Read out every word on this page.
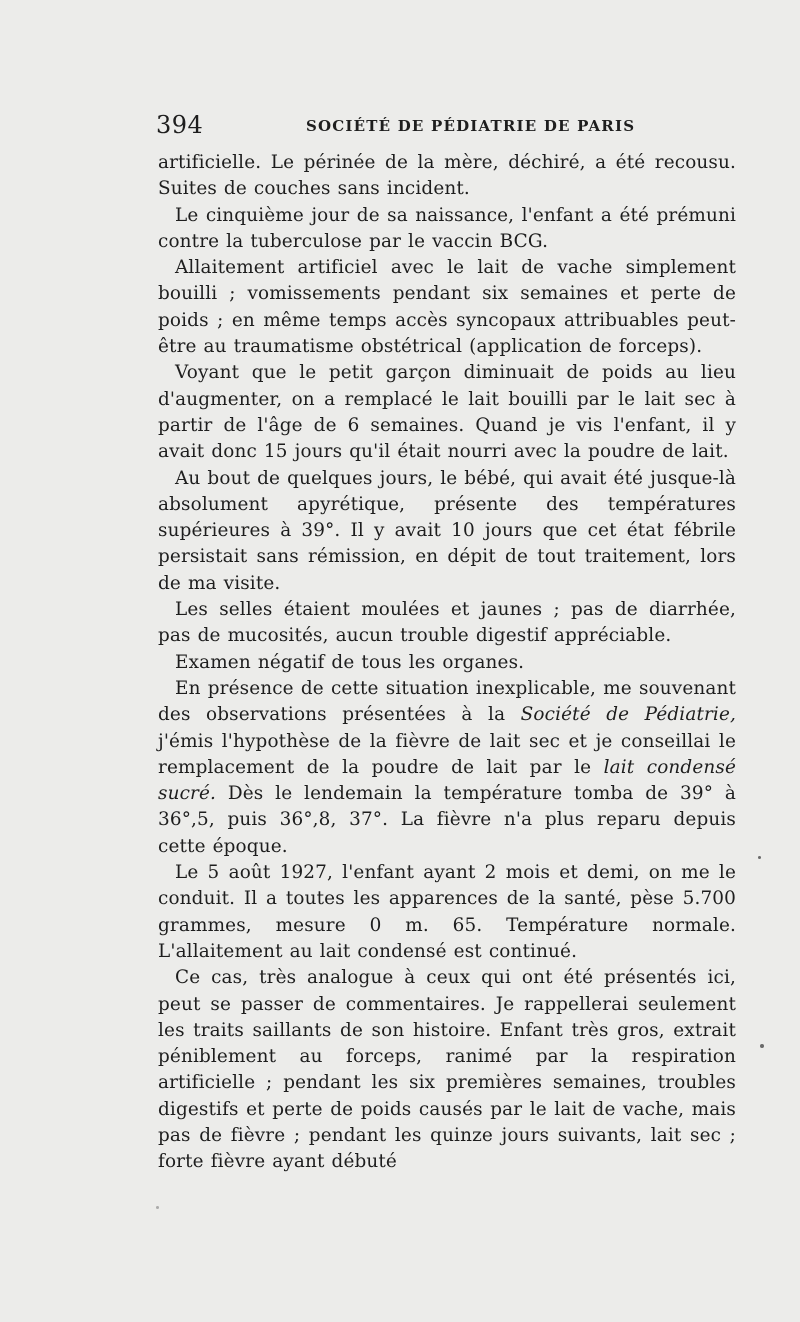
394	SOCIÉTÉ DE PÉDIATRIE DE PARIS

artificielle. Le périnée de la mère, déchiré, a été recousu. Suites de couches sans incident.

Le cinquième jour de sa naissance, l'enfant a été prémuni contre la tuberculose par le vaccin BCG.

Allaitement artificiel avec le lait de vache simplement bouilli ; vomissements pendant six semaines et perte de poids ; en même temps accès syncopaux attribuables peut-être au traumatisme obstétrical (application de forceps).

Voyant que le petit garçon diminuait de poids au lieu d'augmenter, on a remplacé le lait bouilli par le lait sec à partir de l'âge de 6 semaines. Quand je vis l'enfant, il y avait donc 15 jours qu'il était nourri avec la poudre de lait.

Au bout de quelques jours, le bébé, qui avait été jusque-là absolument apyrétique, présente des températures supérieures à 39°. Il y avait 10 jours que cet état fébrile persistait sans rémission, en dépit de tout traitement, lors de ma visite.

Les selles étaient moulées et jaunes ; pas de diarrhée, pas de mucosités, aucun trouble digestif appréciable.

Examen négatif de tous les organes.

En présence de cette situation inexplicable, me souvenant des observations présentées à la Société de Pédiatrie, j'émis l'hypothèse de la fièvre de lait sec et je conseillai le remplacement de la poudre de lait par le lait condensé sucré. Dès le lendemain la température tomba de 39° à 36°,5, puis 36°,8, 37°. La fièvre n'a plus reparu depuis cette époque.

Le 5 août 1927, l'enfant ayant 2 mois et demi, on me le conduit. Il a toutes les apparences de la santé, pèse 5.700 grammes, mesure 0 m. 65. Température normale. L'allaitement au lait condensé est continué.

Ce cas, très analogue à ceux qui ont été présentés ici, peut se passer de commentaires. Je rappellerai seulement les traits saillants de son histoire. Enfant très gros, extrait péniblement au forceps, ranimé par la respiration artificielle ; pendant les six premières semaines, troubles digestifs et perte de poids causés par le lait de vache, mais pas de fièvre ; pendant les quinze jours suivants, lait sec ; forte fièvre ayant débuté
